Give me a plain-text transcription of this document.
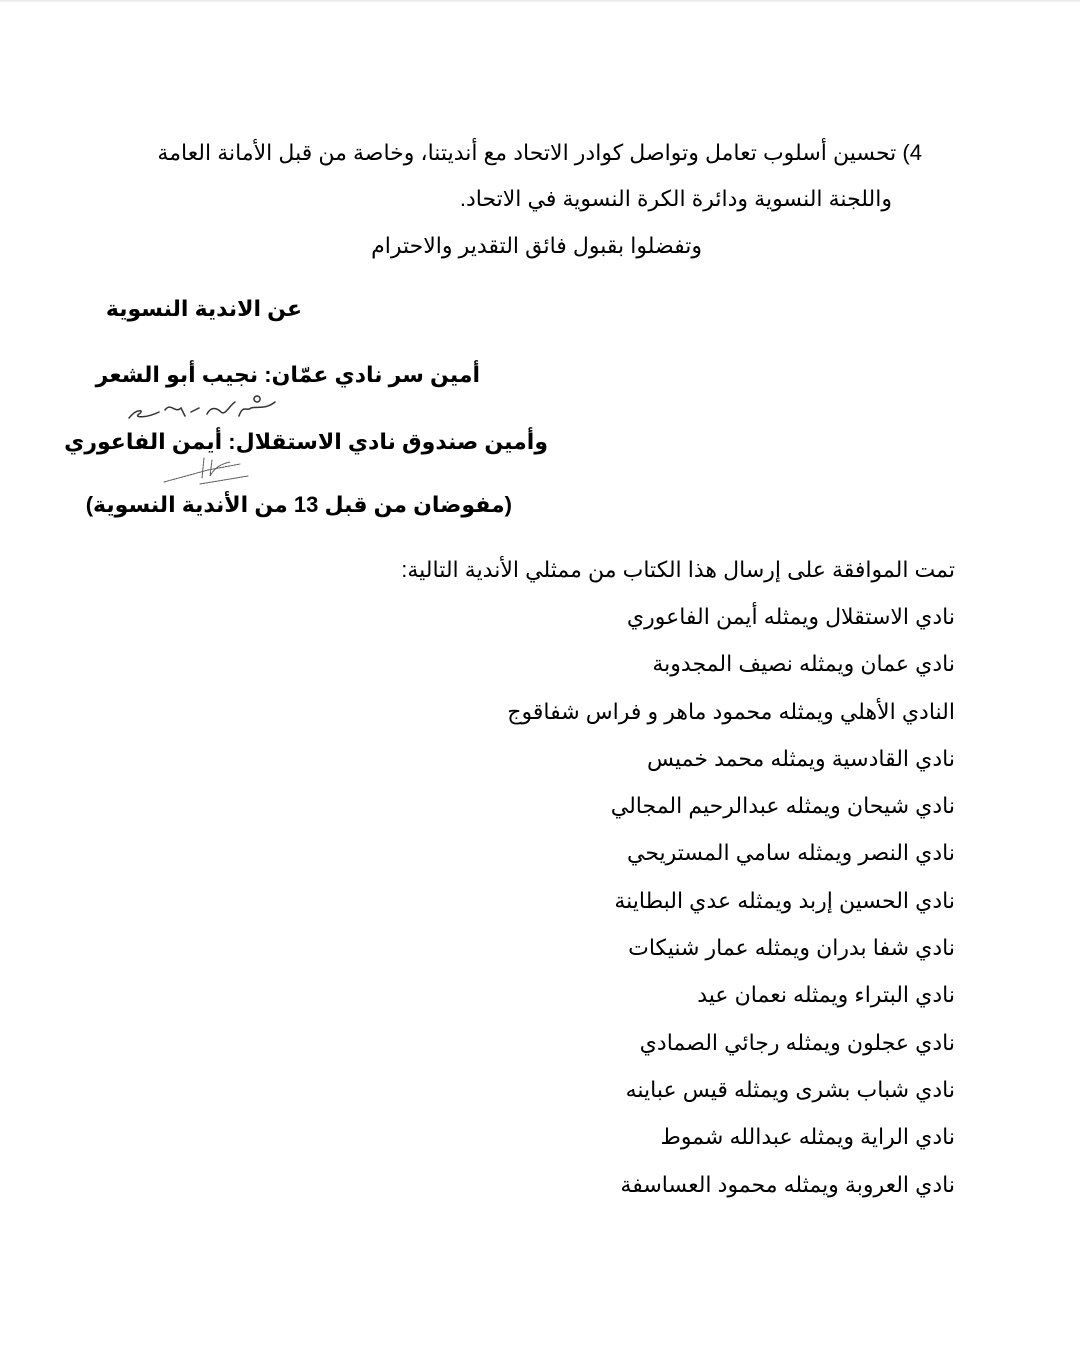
4) تحسين أسلوب تعامل وتواصل كوادر الاتحاد مع أنديتنا، وخاصة من قبل الأمانة العامة
واللجنة النسوية ودائرة الكرة النسوية في الاتحاد.
وتفضلوا بقبول فائق التقدير والاحترام
عن الاندية النسوية
أمين سر نادي عمّان: نجيب أبو الشعر
وأمين صندوق نادي الاستقلال: أيمن الفاعوري
(مفوضان من قبل 13 من الأندية النسوية)
تمت الموافقة على إرسال هذا الكتاب من ممثلي الأندية التالية:
نادي الاستقلال ويمثله أيمن الفاعوري
نادي عمان ويمثله نصيف المجدوبة
النادي الأهلي ويمثله محمود ماهر و فراس شفاقوج
نادي القادسية ويمثله محمد خميس
نادي شيحان ويمثله عبدالرحيم المجالي
نادي النصر ويمثله سامي المستريحي
نادي الحسين إربد ويمثله عدي البطاينة
نادي شفا بدران ويمثله عمار شنيكات
نادي البتراء ويمثله نعمان عيد
نادي عجلون ويمثله رجائي الصمادي
نادي شباب بشرى ويمثله قيس عباينه
نادي الراية ويمثله عبدالله شموط
نادي العروبة ويمثله محمود العساسفة
